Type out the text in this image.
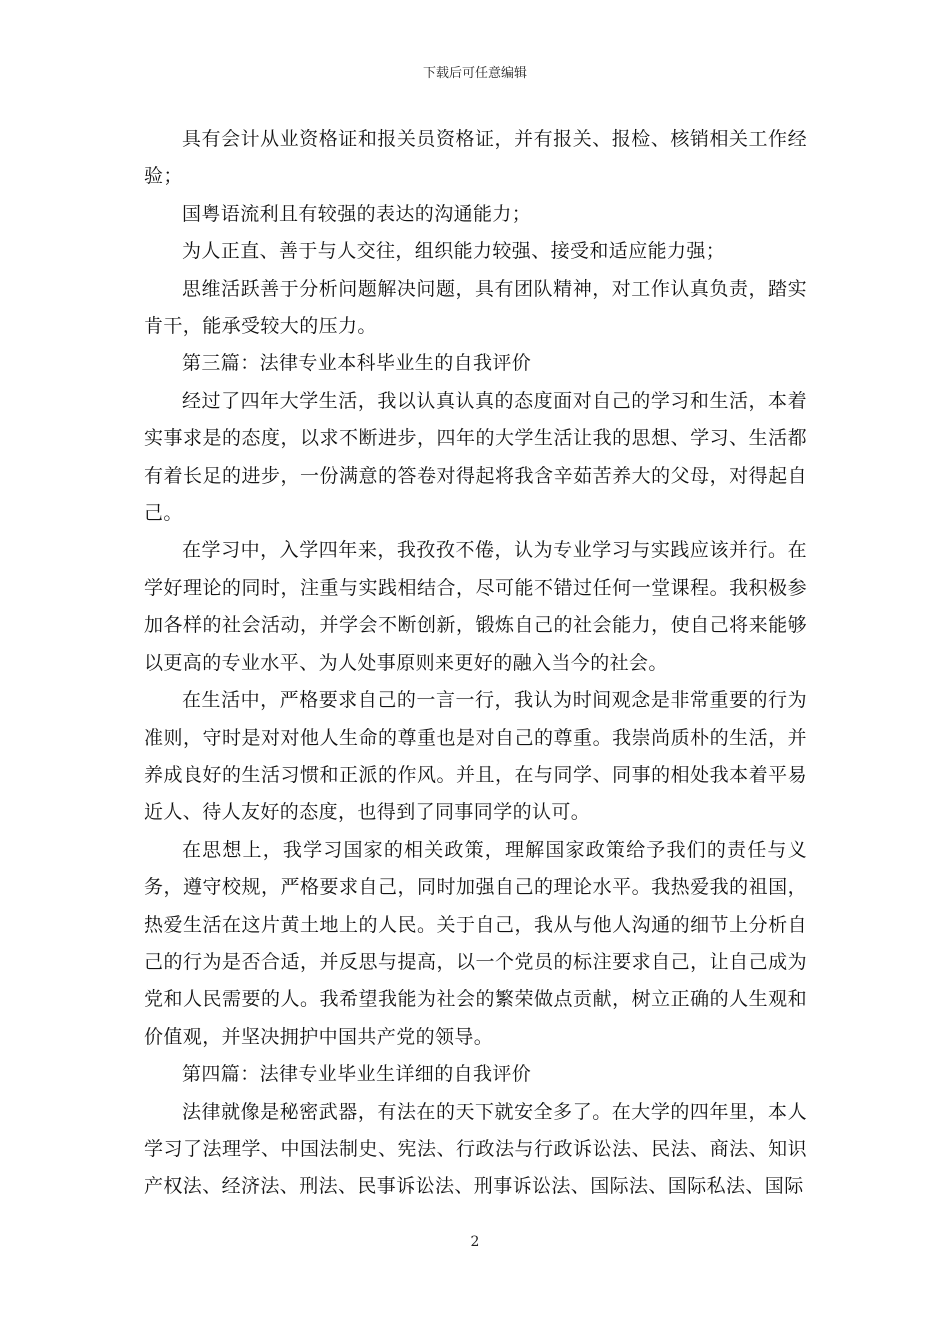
下载后可任意编辑

具有会计从业资格证和报关员资格证，并有报关、报检、核销相关工作经验；

国粤语流利且有较强的表达的沟通能力；

为人正直、善于与人交往，组织能力较强、接受和适应能力强；

思维活跃善于分析问题解决问题，具有团队精神，对工作认真负责，踏实肯干，能承受较大的压力。

第三篇：法律专业本科毕业生的自我评价

经过了四年大学生活，我以认真认真的态度面对自己的学习和生活，本着实事求是的态度，以求不断进步，四年的大学生活让我的思想、学习、生活都有着长足的进步，一份满意的答卷对得起将我含辛茹苦养大的父母，对得起自己。

在学习中，入学四年来，我孜孜不倦，认为专业学习与实践应该并行。在学好理论的同时，注重与实践相结合，尽可能不错过任何一堂课程。我积极参加各样的社会活动，并学会不断创新，锻炼自己的社会能力，使自己将来能够以更高的专业水平、为人处事原则来更好的融入当今的社会。

在生活中，严格要求自己的一言一行，我认为时间观念是非常重要的行为准则，守时是对对他人生命的尊重也是对自己的尊重。我崇尚质朴的生活，并养成良好的生活习惯和正派的作风。并且，在与同学、同事的相处我本着平易近人、待人友好的态度，也得到了同事同学的认可。

在思想上，我学习国家的相关政策，理解国家政策给予我们的责任与义务，遵守校规，严格要求自己，同时加强自己的理论水平。我热爱我的祖国，热爱生活在这片黄土地上的人民。关于自己，我从与他人沟通的细节上分析自己的行为是否合适，并反思与提高，以一个党员的标注要求自己，让自己成为党和人民需要的人。我希望我能为社会的繁荣做点贡献，树立正确的人生观和价值观，并坚决拥护中国共产党的领导。

第四篇：法律专业毕业生详细的自我评价

法律就像是秘密武器，有法在的天下就安全多了。在大学的四年里，本人学习了法理学、中国法制史、宪法、行政法与行政诉讼法、民法、商法、知识产权法、经济法、刑法、民事诉讼法、刑事诉讼法、国际法、国际私法、国际

2
